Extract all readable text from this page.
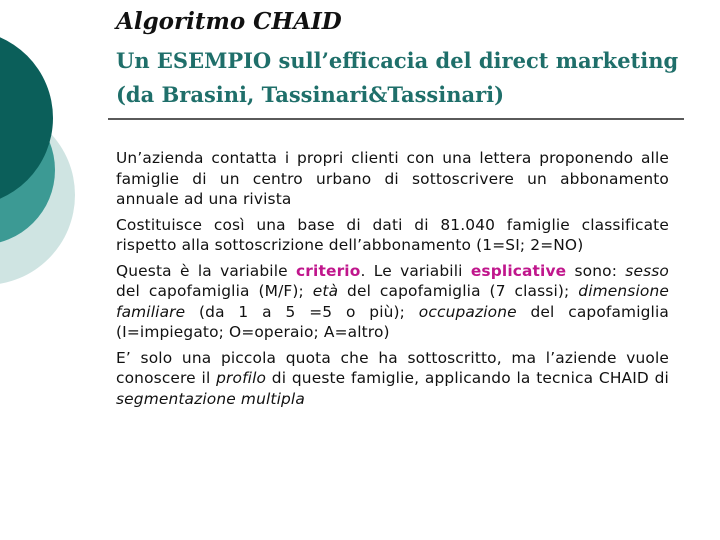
Algoritmo CHAID
Un ESEMPIO sull’efficacia del direct marketing
(da Brasini, Tassinari&Tassinari)

Un’azienda contatta i propri clienti con una lettera proponendo alle famiglie di un centro urbano di sottoscrivere un abbonamento annuale ad una rivista

Costituisce così una base di dati di 81.040 famiglie classificate rispetto alla sottoscrizione dell’abbonamento (1=SI; 2=NO)

Questa è la variabile criterio. Le variabili esplicative sono: sesso del capofamiglia (M/F); età del capofamiglia (7 classi); dimensione familiare (da 1 a 5 =5 o più); occupazione del capofamiglia (I=impiegato; O=operaio; A=altro)

E’ solo una piccola quota che ha sottoscritto, ma l’aziende vuole conoscere il profilo di queste famiglie, applicando la tecnica CHAID di segmentazione multipla
